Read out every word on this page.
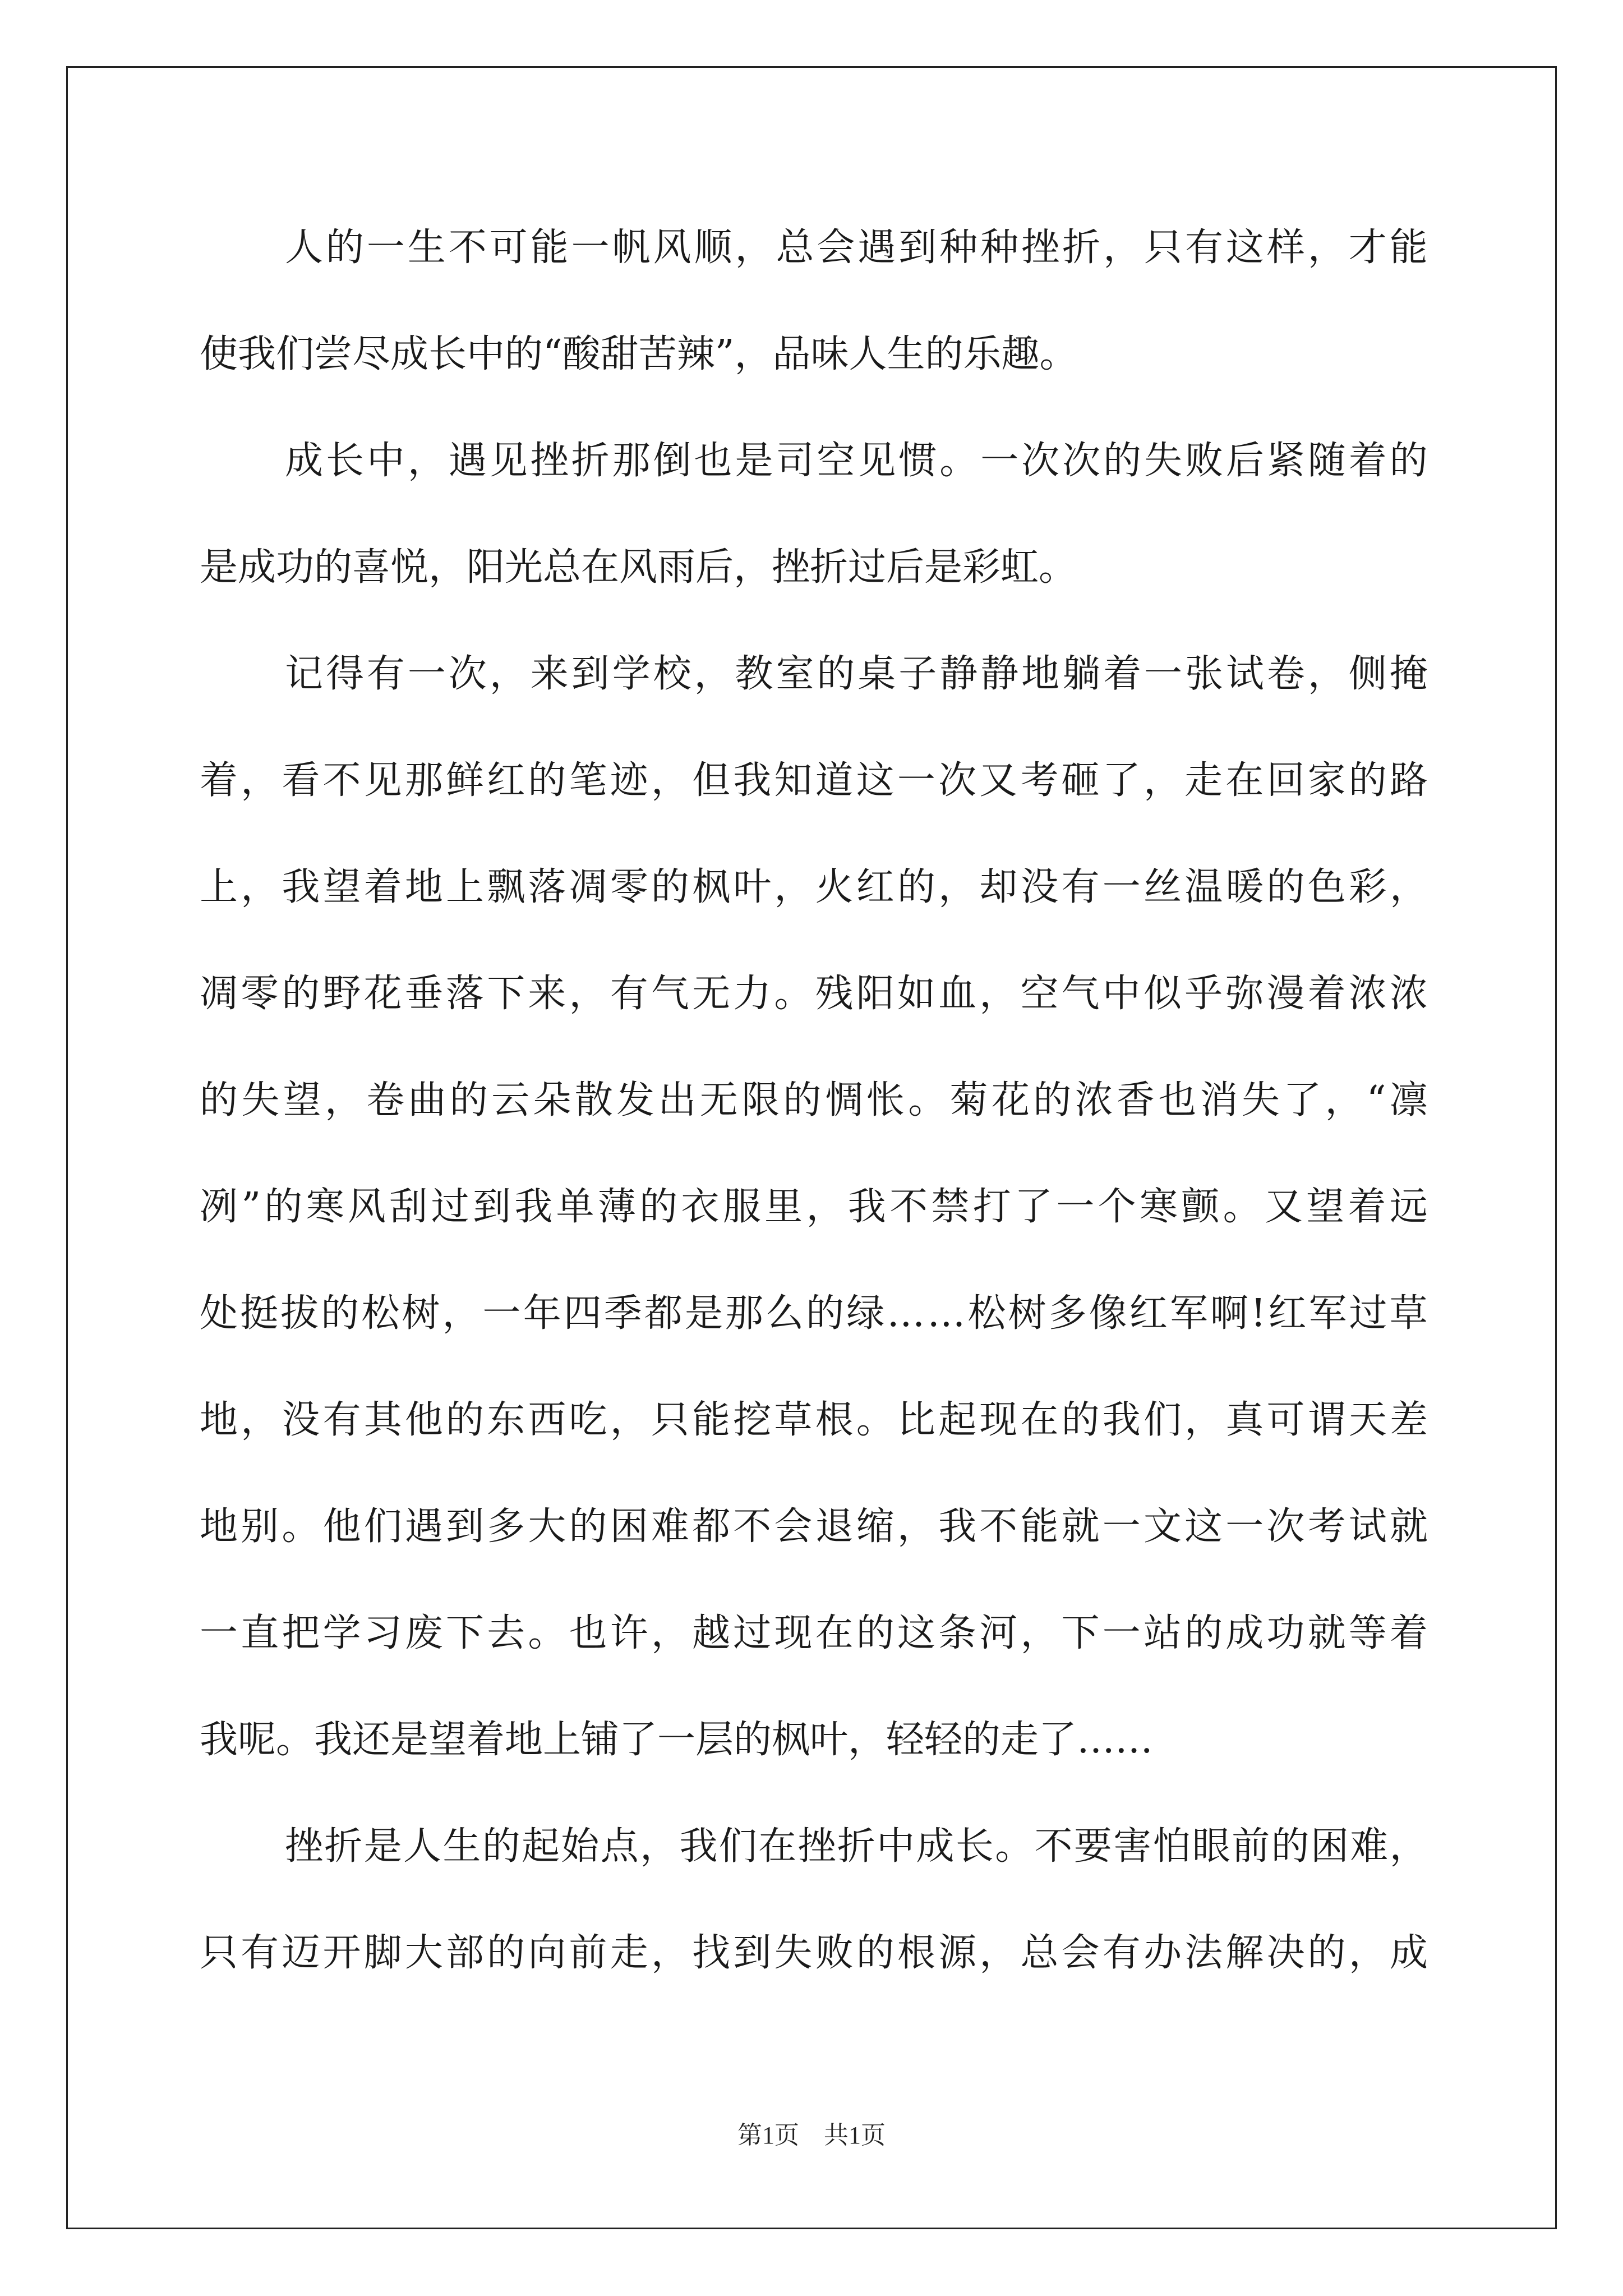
人 的 一 生 不 可 能 一 帆 风 顺 ， 总 会 遇 到 种 种 挫 折 ， 只 有 这 样 ， 才 能
使我们尝尽成长中的“酸甜苦辣”，品味人生的乐趣。
成 长 中 ， 遇 见 挫 折 那 倒 也 是 司 空 见 惯 。 一 次 次 的 失 败 后 紧 随 着 的
是成功的喜悦，阳光总在风雨后，挫折过后是彩虹。
记 得 有 一 次 ， 来 到 学 校 ， 教 室 的 桌 子 静 静 地 躺 着 一 张 试 卷 ， 侧 掩
着 ， 看 不 见 那 鲜 红 的 笔 迹 ， 但 我 知 道 这 一 次 又 考 砸 了 ， 走 在 回 家 的 路
上 ， 我 望 着 地 上 飘 落 凋 零 的 枫 叶 ， 火 红 的 ， 却 没 有 一 丝 温 暖 的 色 彩 ，
凋 零 的 野 花 垂 落 下 来 ， 有 气 无 力 。 残 阳 如 血 ， 空 气 中 似 乎 弥 漫 着 浓 浓
的 失 望 ， 卷 曲 的 云 朵 散 发 出 无 限 的 惆 怅 。 菊 花 的 浓 香 也 消 失 了 ， “ 凛
冽 ” 的 寒 风 刮 过 到 我 单 薄 的 衣 服 里 ， 我 不 禁 打 了 一 个 寒 颤 。 又 望 着 远
处 挺 拔 的 松 树 ， 一 年 四 季 都 是 那 么 的 绿 … … 松 树 多 像 红 军 啊 ! 红 军 过 草
地 ， 没 有 其 他 的 东 西 吃 ， 只 能 挖 草 根 。 比 起 现 在 的 我 们 ， 真 可 谓 天 差
地 别 。 他 们 遇 到 多 大 的 困 难 都 不 会 退 缩 ， 我 不 能 就 一 文 这 一 次 考 试 就
一 直 把 学 习 废 下 去 。 也 许 ， 越 过 现 在 的 这 条 河 ， 下 一 站 的 成 功 就 等 着
我呢。我还是望着地上铺了一层的枫叶，轻轻的走了……
挫 折 是 人 生 的 起 始 点 ， 我 们 在 挫 折 中 成 长 。 不 要 害 怕 眼 前 的 困 难 ，
只 有 迈 开 脚 大 部 的 向 前 走 ， 找 到 失 败 的 根 源 ， 总 会 有 办 法 解 决 的 ， 成
第1页　共1页
